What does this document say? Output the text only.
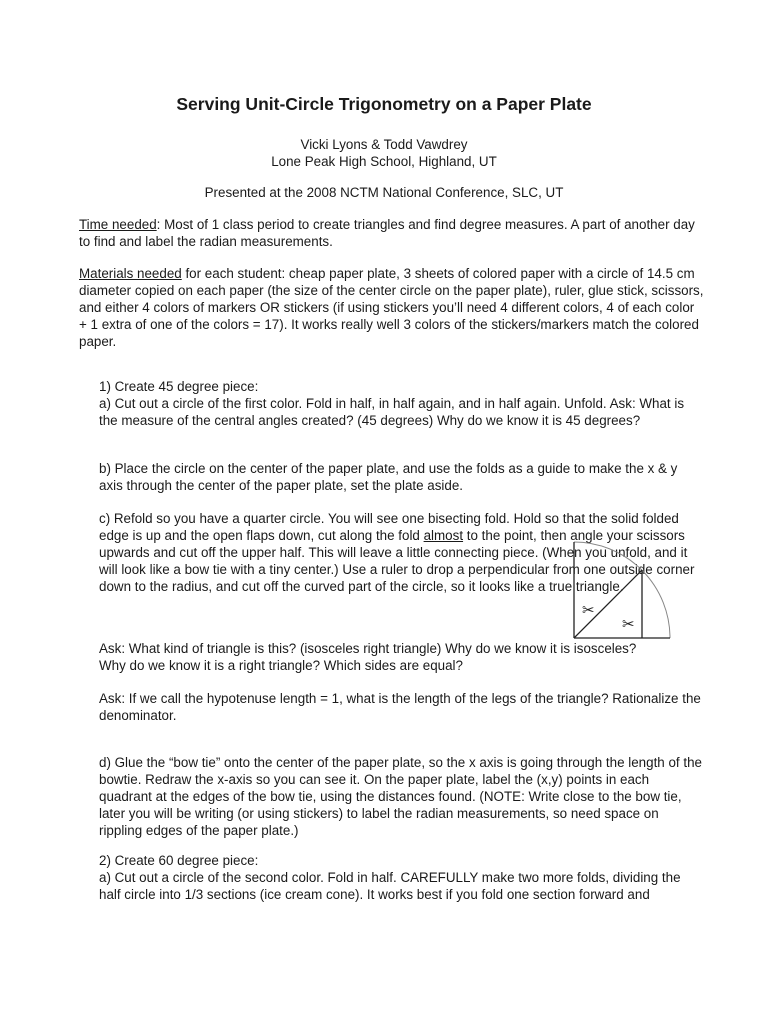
Serving Unit-Circle Trigonometry on a Paper Plate
Vicki Lyons & Todd Vawdrey
Lone Peak High School, Highland, UT
Presented at the 2008 NCTM National Conference, SLC, UT

Time needed: Most of 1 class period to create triangles and find degree measures. A part of another day to find and label the radian measurements.

Materials needed for each student: cheap paper plate, 3 sheets of colored paper with a circle of 14.5 cm diameter copied on each paper (the size of the center circle on the paper plate), ruler, glue stick, scissors, and either 4 colors of markers OR stickers (if using stickers you’ll need 4 different colors, 4 of each color + 1 extra of one of the colors = 17). It works really well 3 colors of the stickers/markers match the colored paper.

1) Create 45 degree piece:

a) Cut out a circle of the first color. Fold in half, in half again, and in half again. Unfold. Ask: What is the measure of the central angles created? (45 degrees) Why do we know it is 45 degrees?

b) Place the circle on the center of the paper plate, and use the folds as a guide to make the x & y axis through the center of the paper plate, set the plate aside.

c) Refold so you have a quarter circle. You will see one bisecting fold. Hold so that the solid folded edge is up and the open flaps down, cut along the fold almost to the point, then angle your scissors upwards and cut off the upper half. This will leave a little connecting piece. (When you unfold, and it will look like a bow tie with a tiny center.) Use a ruler to drop a perpendicular from one outside corner down to the radius, and cut off the curved part of the circle, so it looks like a true triangle.

✂
✂

Ask: What kind of triangle is this? (isosceles right triangle) Why do we know it is isosceles? Why do we know it is a right triangle? Which sides are equal?

Ask: If we call the hypotenuse length = 1, what is the length of the legs of the triangle? Rationalize the denominator.

d) Glue the “bow tie” onto the center of the paper plate, so the x axis is going through the length of the bowtie. Redraw the x-axis so you can see it. On the paper plate, label the (x,y) points in each quadrant at the edges of the bow tie, using the distances found. (NOTE: Write close to the bow tie, later you will be writing (or using stickers) to label the radian measurements, so need space on rippling edges of the paper plate.)

2) Create 60 degree piece:

a) Cut out a circle of the second color. Fold in half. CAREFULLY make two more folds, dividing the half circle into 1/3 sections (ice cream cone). It works best if you fold one section forward and
